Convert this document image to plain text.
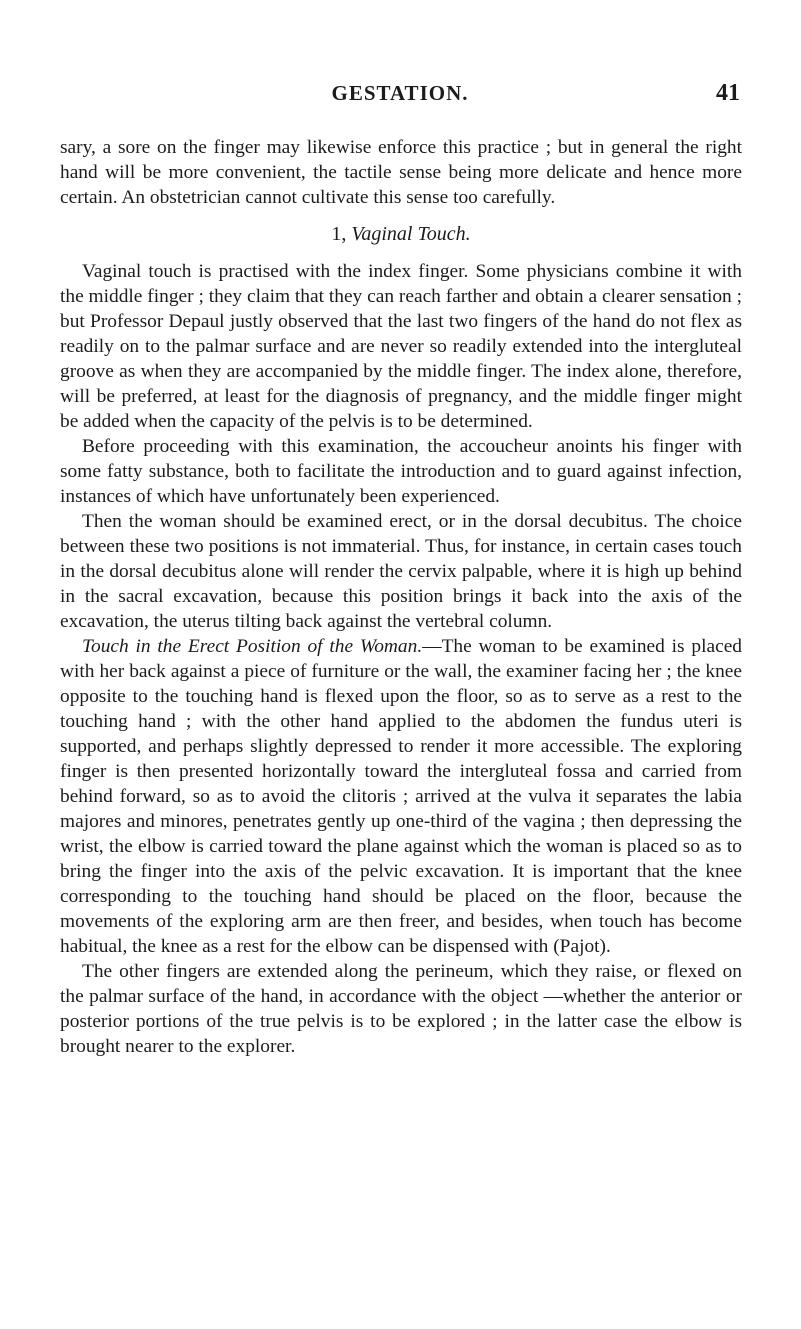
GESTATION.	41

sary, a sore on the finger may likewise enforce this practice ; but in general the right hand will be more convenient, the tactile sense being more delicate and hence more certain. An obstetrician cannot cultivate this sense too carefully.

1, Vaginal Touch.

Vaginal touch is practised with the index finger. Some physicians combine it with the middle finger ; they claim that they can reach farther and obtain a clearer sensation ; but Professor Depaul justly observed that the last two fingers of the hand do not flex as readily on to the palmar surface and are never so readily extended into the intergluteal groove as when they are accompanied by the middle finger. The index alone, therefore, will be preferred, at least for the diagnosis of pregnancy, and the middle finger might be added when the capacity of the pelvis is to be determined.

Before proceeding with this examination, the accoucheur anoints his finger with some fatty substance, both to facilitate the introduction and to guard against infection, instances of which have unfortunately been experienced.

Then the woman should be examined erect, or in the dorsal decubitus. The choice between these two positions is not immaterial. Thus, for instance, in certain cases touch in the dorsal decubitus alone will render the cervix palpable, where it is high up behind in the sacral excavation, because this position brings it back into the axis of the excavation, the uterus tilting back against the vertebral column.

Touch in the Erect Position of the Woman.—The woman to be examined is placed with her back against a piece of furniture or the wall, the examiner facing her ; the knee opposite to the touching hand is flexed upon the floor, so as to serve as a rest to the touching hand ; with the other hand applied to the abdomen the fundus uteri is supported, and perhaps slightly depressed to render it more accessible. The exploring finger is then presented horizontally toward the intergluteal fossa and carried from behind forward, so as to avoid the clitoris ; arrived at the vulva it separates the labia majores and minores, penetrates gently up one-third of the vagina ; then depressing the wrist, the elbow is carried toward the plane against which the woman is placed so as to bring the finger into the axis of the pelvic excavation. It is important that the knee corresponding to the touching hand should be placed on the floor, because the movements of the exploring arm are then freer, and besides, when touch has become habitual, the knee as a rest for the elbow can be dispensed with (Pajot).

The other fingers are extended along the perineum, which they raise, or flexed on the palmar surface of the hand, in accordance with the object —whether the anterior or posterior portions of the true pelvis is to be explored ; in the latter case the elbow is brought nearer to the explorer.
